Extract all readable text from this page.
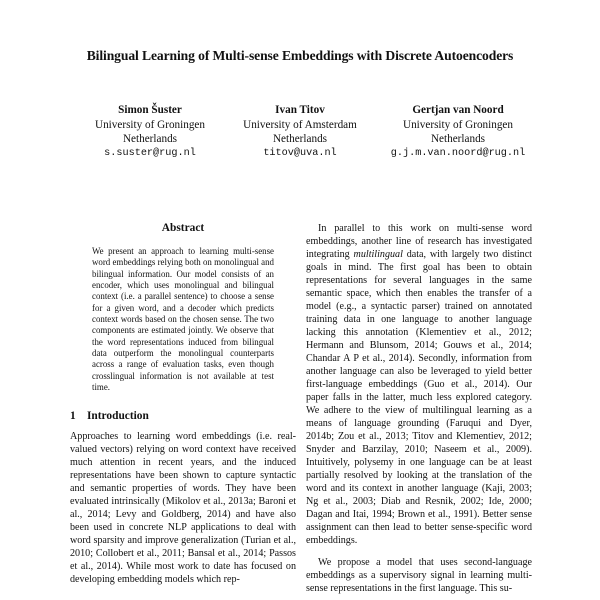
Bilingual Learning of Multi-sense Embeddings with Discrete Autoencoders
Simon Šuster
University of Groningen
Netherlands
s.suster@rug.nl
Ivan Titov
University of Amsterdam
Netherlands
titov@uva.nl
Gertjan van Noord
University of Groningen
Netherlands
g.j.m.van.noord@rug.nl
Abstract

We present an approach to learning multi-sense word embeddings relying both on monolingual and bilingual information. Our model consists of an encoder, which uses monolingual and bilingual context (i.e. a parallel sentence) to choose a sense for a given word, and a decoder which predicts context words based on the chosen sense. The two components are estimated jointly. We observe that the word representations induced from bilingual data outperform the monolingual counterparts across a range of evaluation tasks, even though crosslingual information is not available at test time.

1 Introduction

Approaches to learning word embeddings (i.e. real-valued vectors) relying on word context have received much attention in recent years, and the induced representations have been shown to capture syntactic and semantic properties of words. They have been evaluated intrinsically (Mikolov et al., 2013a; Baroni et al., 2014; Levy and Goldberg, 2014) and have also been used in concrete NLP applications to deal with word sparsity and improve generalization (Turian et al., 2010; Collobert et al., 2011; Bansal et al., 2014; Passos et al., 2014). While most work to date has focused on developing embedding models which rep-

In parallel to this work on multi-sense word embeddings, another line of research has investigated integrating multilingual data, with largely two distinct goals in mind. The first goal has been to obtain representations for several languages in the same semantic space, which then enables the transfer of a model (e.g., a syntactic parser) trained on annotated training data in one language to another language lacking this annotation (Klementiev et al., 2012; Hermann and Blunsom, 2014; Gouws et al., 2014; Chandar A P et al., 2014). Secondly, information from another language can also be leveraged to yield better first-language embeddings (Guo et al., 2014). Our paper falls in the latter, much less explored category. We adhere to the view of multilingual learning as a means of language grounding (Faruqui and Dyer, 2014b; Zou et al., 2013; Titov and Klementiev, 2012; Snyder and Barzilay, 2010; Naseem et al., 2009). Intuitively, polysemy in one language can be at least partially resolved by looking at the translation of the word and its context in another language (Kaji, 2003; Ng et al., 2003; Diab and Resnik, 2002; Ide, 2000; Dagan and Itai, 1994; Brown et al., 1991). Better sense assignment can then lead to better sense-specific word embeddings.

We propose a model that uses second-language embeddings as a supervisory signal in learning multi-sense representations in the first language. This su-
